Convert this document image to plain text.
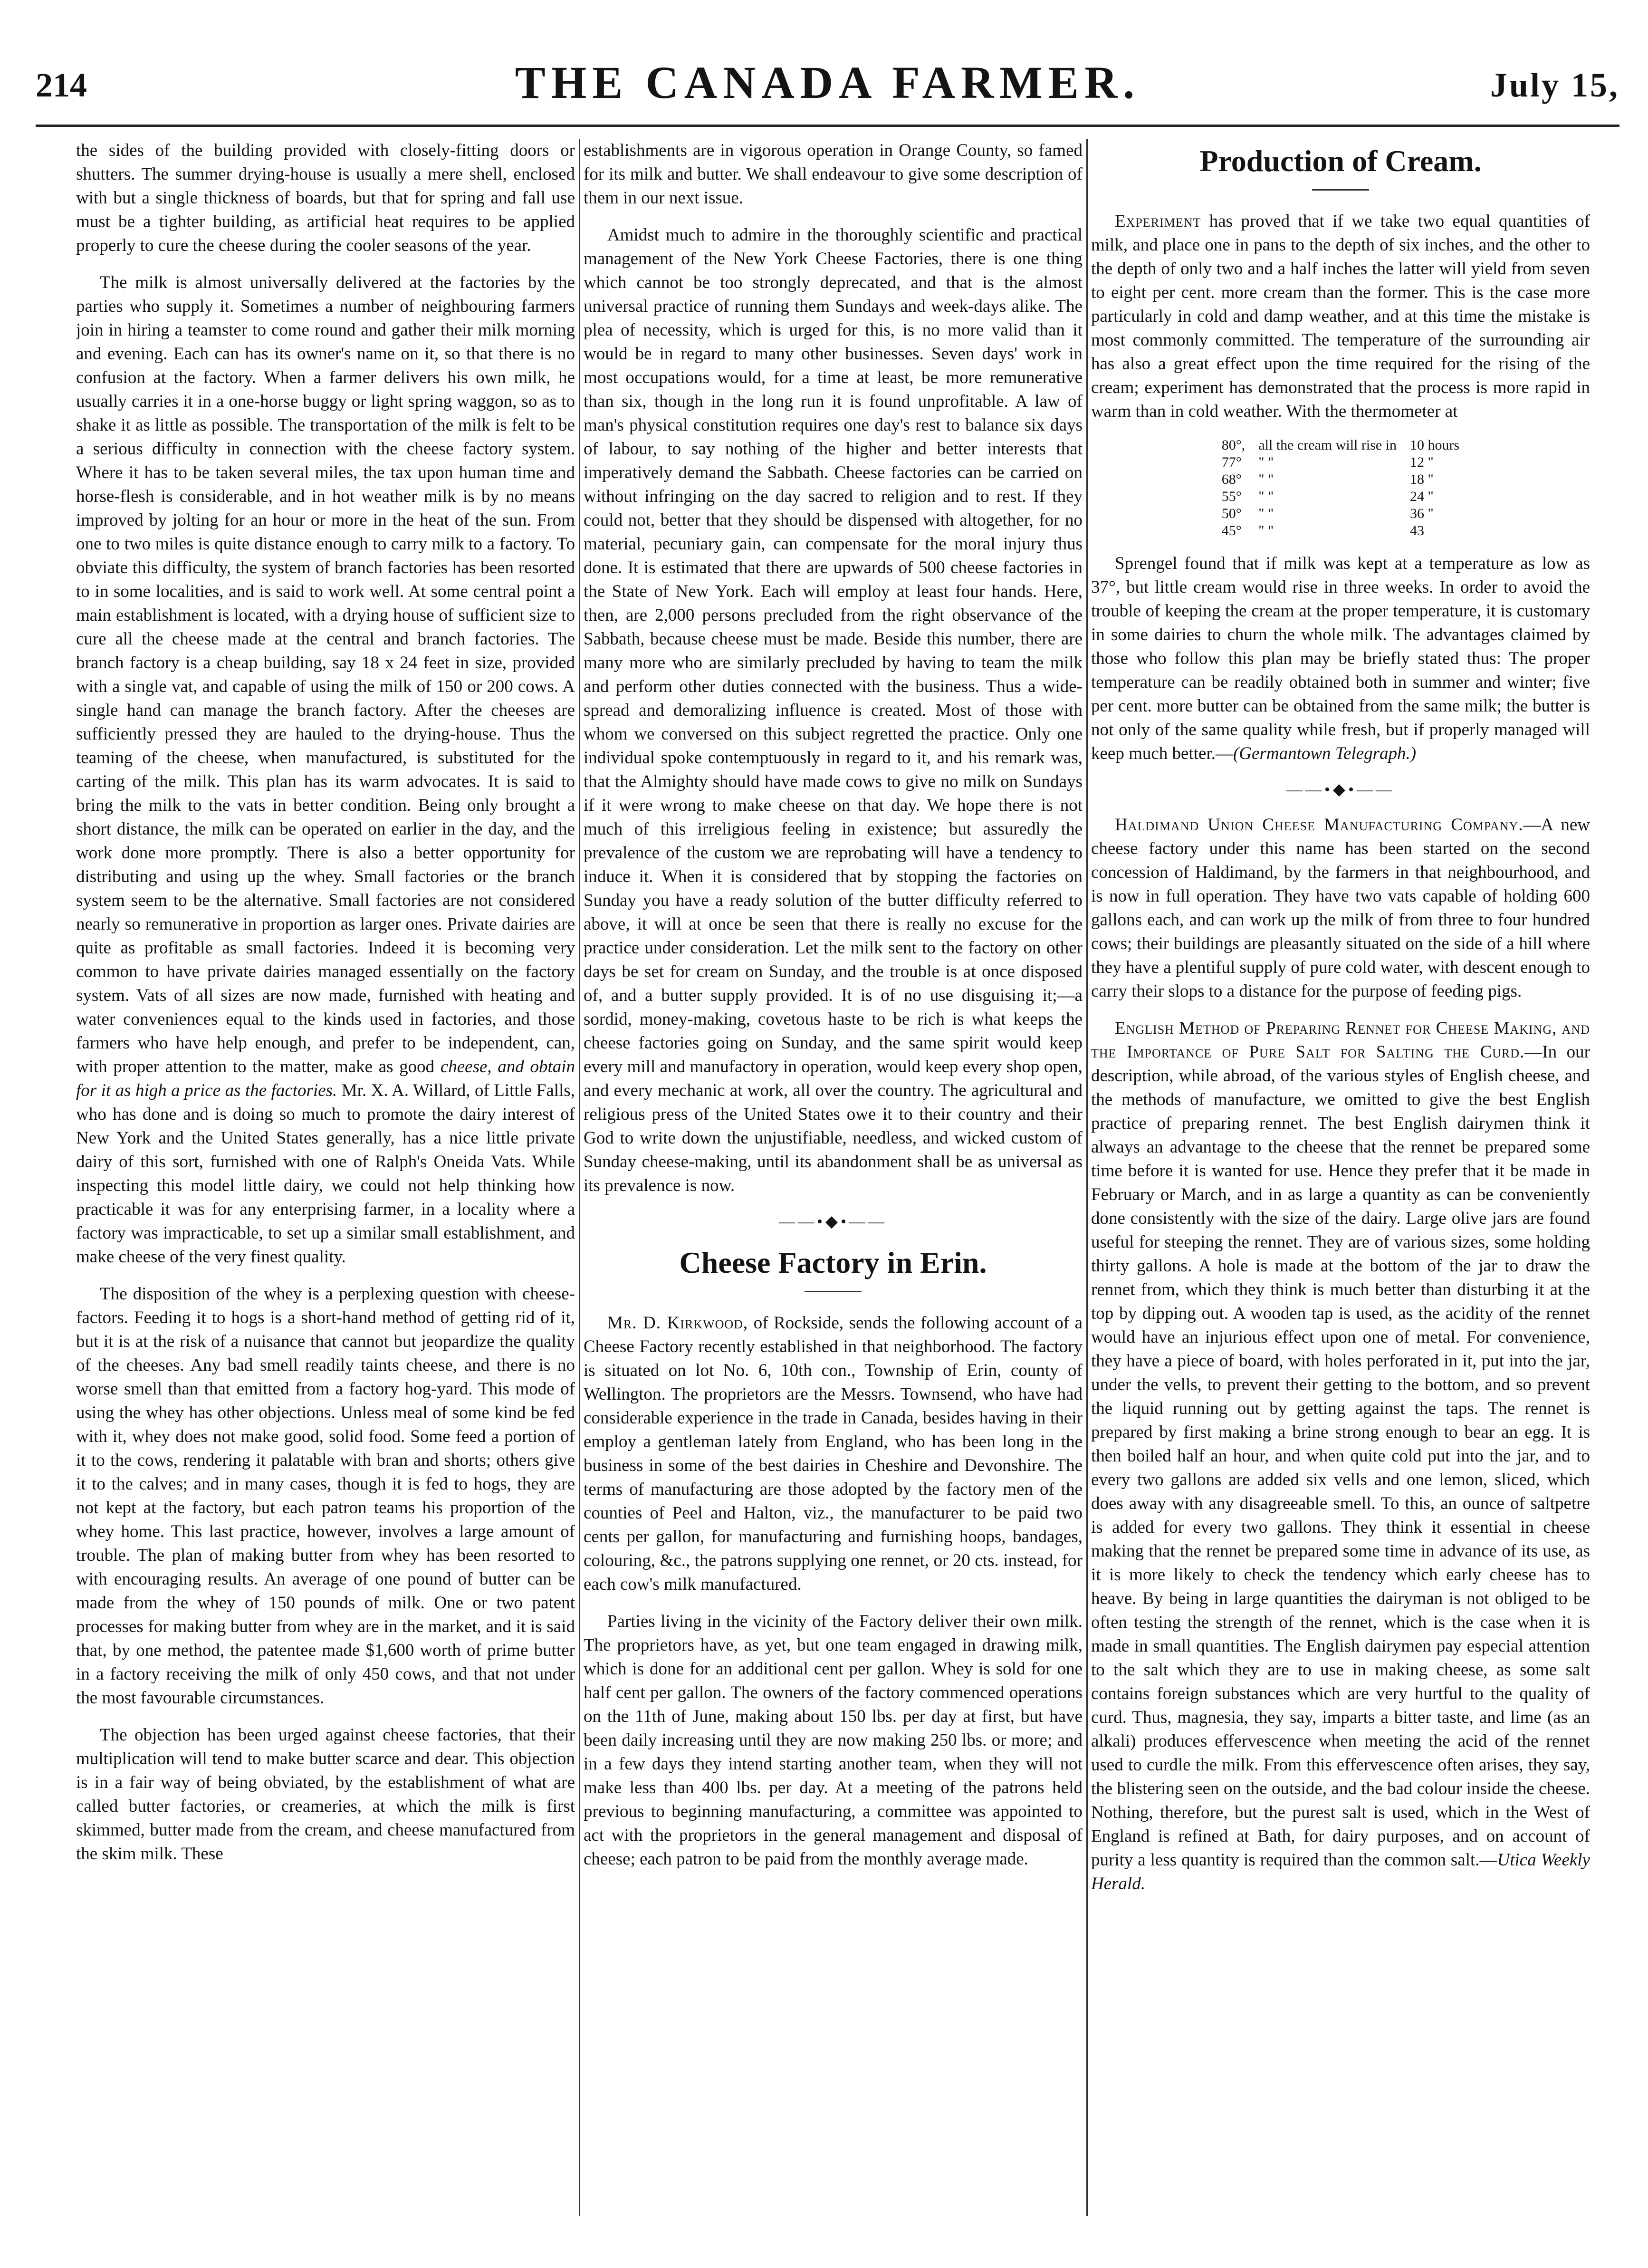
214	THE CANADA FARMER.	July 15,

the sides of the building provided with closely-fitting doors or shutters. The summer drying-house is usually a mere shell, enclosed with but a single thickness of boards, but that for spring and fall use must be a tighter building, as artificial heat requires to be applied properly to cure the cheese during the cooler seasons of the year.

The milk is almost universally delivered at the factories by the parties who supply it. Sometimes a number of neighbouring farmers join in hiring a teamster to come round and gather their milk morning and evening. Each can has its owner's name on it, so that there is no confusion at the factory. When a farmer delivers his own milk, he usually carries it in a one-horse buggy or light spring waggon, so as to shake it as little as possible. The transportation of the milk is felt to be a serious difficulty in connection with the cheese factory system. Where it has to be taken several miles, the tax upon human time and horse-flesh is considerable, and in hot weather milk is by no means improved by jolting for an hour or more in the heat of the sun. From one to two miles is quite distance enough to carry milk to a factory. To obviate this difficulty, the system of branch factories has been resorted to in some localities, and is said to work well. At some central point a main establishment is located, with a drying house of sufficient size to cure all the cheese made at the central and branch factories. The branch factory is a cheap building, say 18 x 24 feet in size, provided with a single vat, and capable of using the milk of 150 or 200 cows. A single hand can manage the branch factory. After the cheeses are sufficiently pressed they are hauled to the drying-house. Thus the teaming of the cheese, when manufactured, is substituted for the carting of the milk. This plan has its warm advocates. It is said to bring the milk to the vats in better condition. Being only brought a short distance, the milk can be operated on earlier in the day, and the work done more promptly. There is also a better opportunity for distributing and using up the whey. Small factories or the branch system seem to be the alternative. Small factories are not considered nearly so remunerative in proportion as larger ones. Private dairies are quite as profitable as small factories. Indeed it is becoming very common to have private dairies managed essentially on the factory system. Vats of all sizes are now made, furnished with heating and water conveniences equal to the kinds used in factories, and those farmers who have help enough, and prefer to be independent, can, with proper attention to the matter, make as good cheese, and obtain for it as high a price as the factories. Mr. X. A. Willard, of Little Falls, who has done and is doing so much to promote the dairy interest of New York and the United States generally, has a nice little private dairy of this sort, furnished with one of Ralph's Oneida Vats. While inspecting this model little dairy, we could not help thinking how practicable it was for any enterprising farmer, in a locality where a factory was impracticable, to set up a similar small establishment, and make cheese of the very finest quality.

The disposition of the whey is a perplexing question with cheese-factors. Feeding it to hogs is a short-hand method of getting rid of it, but it is at the risk of a nuisance that cannot but jeopardize the quality of the cheeses. Any bad smell readily taints cheese, and there is no worse smell than that emitted from a factory hog-yard. This mode of using the whey has other objections. Unless meal of some kind be fed with it, whey does not make good, solid food. Some feed a portion of it to the cows, rendering it palatable with bran and shorts; others give it to the calves; and in many cases, though it is fed to hogs, they are not kept at the factory, but each patron teams his proportion of the whey home. This last practice, however, involves a large amount of trouble. The plan of making butter from whey has been resorted to with encouraging results. An average of one pound of butter can be made from the whey of 150 pounds of milk. One or two patent processes for making butter from whey are in the market, and it is said that, by one method, the patentee made $1,600 worth of prime butter in a factory receiving the milk of only 450 cows, and that not under the most favourable circumstances.

The objection has been urged against cheese factories, that their multiplication will tend to make butter scarce and dear. This objection is in a fair way of being obviated, by the establishment of what are called butter factories, or creameries, at which the milk is first skimmed, butter made from the cream, and cheese manufactured from the skim milk. These

establishments are in vigorous operation in Orange County, so famed for its milk and butter. We shall endeavour to give some description of them in our next issue.

Amidst much to admire in the thoroughly scientific and practical management of the New York Cheese Factories, there is one thing which cannot be too strongly deprecated, and that is the almost universal practice of running them Sundays and week-days alike. The plea of necessity, which is urged for this, is no more valid than it would be in regard to many other businesses. Seven days' work in most occupations would, for a time at least, be more remunerative than six, though in the long run it is found unprofitable. A law of man's physical constitution requires one day's rest to balance six days of labour, to say nothing of the higher and better interests that imperatively demand the Sabbath. Cheese factories can be carried on without infringing on the day sacred to religion and to rest. If they could not, better that they should be dispensed with altogether, for no material, pecuniary gain, can compensate for the moral injury thus done. It is estimated that there are upwards of 500 cheese factories in the State of New York. Each will employ at least four hands. Here, then, are 2,000 persons precluded from the right observance of the Sabbath, because cheese must be made. Beside this number, there are many more who are similarly precluded by having to team the milk and perform other duties connected with the business. Thus a wide-spread and demoralizing influence is created. Most of those with whom we conversed on this subject regretted the practice. Only one individual spoke contemptuously in regard to it, and his remark was, that the Almighty should have made cows to give no milk on Sundays if it were wrong to make cheese on that day. We hope there is not much of this irreligious feeling in existence; but assuredly the prevalence of the custom we are reprobating will have a tendency to induce it. When it is considered that by stopping the factories on Sunday you have a ready solution of the butter difficulty referred to above, it will at once be seen that there is really no excuse for the practice under consideration. Let the milk sent to the factory on other days be set for cream on Sunday, and the trouble is at once disposed of, and a butter supply provided. It is of no use disguising it;—a sordid, money-making, covetous haste to be rich is what keeps the cheese factories going on Sunday, and the same spirit would keep every mill and manufactory in operation, would keep every shop open, and every mechanic at work, all over the country. The agricultural and religious press of the United States owe it to their country and their God to write down the unjustifiable, needless, and wicked custom of Sunday cheese-making, until its abandonment shall be as universal as its prevalence is now.

——•◆•——
Cheese Factory in Erin.

Mr. D. Kirkwood, of Rockside, sends the following account of a Cheese Factory recently established in that neighborhood. The factory is situated on lot No. 6, 10th con., Township of Erin, county of Wellington. The proprietors are the Messrs. Townsend, who have had considerable experience in the trade in Canada, besides having in their employ a gentleman lately from England, who has been long in the business in some of the best dairies in Cheshire and Devonshire. The terms of manufacturing are those adopted by the factory men of the counties of Peel and Halton, viz., the manufacturer to be paid two cents per gallon, for manufacturing and furnishing hoops, bandages, colouring, &c., the patrons supplying one rennet, or 20 cts. instead, for each cow's milk manufactured.

Parties living in the vicinity of the Factory deliver their own milk. The proprietors have, as yet, but one team engaged in drawing milk, which is done for an additional cent per gallon. Whey is sold for one half cent per gallon. The owners of the factory commenced operations on the 11th of June, making about 150 lbs. per day at first, but have been daily increasing until they are now making 250 lbs. or more; and in a few days they intend starting another team, when they will not make less than 400 lbs. per day. At a meeting of the patrons held previous to beginning manufacturing, a committee was appointed to act with the proprietors in the general management and disposal of cheese; each patron to be paid from the monthly average made.

Production of Cream.

Experiment has proved that if we take two equal quantities of milk, and place one in pans to the depth of six inches, and the other to the depth of only two and a half inches the latter will yield from seven to eight per cent. more cream than the former. This is the case more particularly in cold and damp weather, and at this time the mistake is most commonly committed. The temperature of the surrounding air has also a great effect upon the time required for the rising of the cream; experiment has demonstrated that the process is more rapid in warm than in cold weather. With the thermometer at

80°,	all the cream will rise in	10 hours
77°	" "	12 "
68°	" "	18 "
55°	" "	24 "
50°	" "	36 "
45°	" "	43

Sprengel found that if milk was kept at a temperature as low as 37°, but little cream would rise in three weeks. In order to avoid the trouble of keeping the cream at the proper temperature, it is customary in some dairies to churn the whole milk. The advantages claimed by those who follow this plan may be briefly stated thus: The proper temperature can be readily obtained both in summer and winter; five per cent. more butter can be obtained from the same milk; the butter is not only of the same quality while fresh, but if properly managed will keep much better.—(Germantown Telegraph.)

——•◆•——

Haldimand Union Cheese Manufacturing Company.—A new cheese factory under this name has been started on the second concession of Haldimand, by the farmers in that neighbourhood, and is now in full operation. They have two vats capable of holding 600 gallons each, and can work up the milk of from three to four hundred cows; their buildings are pleasantly situated on the side of a hill where they have a plentiful supply of pure cold water, with descent enough to carry their slops to a distance for the purpose of feeding pigs.

English Method of Preparing Rennet for Cheese Making, and the Importance of Pure Salt for Salting the Curd.—In our description, while abroad, of the various styles of English cheese, and the methods of manufacture, we omitted to give the best English practice of preparing rennet. The best English dairymen think it always an advantage to the cheese that the rennet be prepared some time before it is wanted for use. Hence they prefer that it be made in February or March, and in as large a quantity as can be conveniently done consistently with the size of the dairy. Large olive jars are found useful for steeping the rennet. They are of various sizes, some holding thirty gallons. A hole is made at the bottom of the jar to draw the rennet from, which they think is much better than disturbing it at the top by dipping out. A wooden tap is used, as the acidity of the rennet would have an injurious effect upon one of metal. For convenience, they have a piece of board, with holes perforated in it, put into the jar, under the vells, to prevent their getting to the bottom, and so prevent the liquid running out by getting against the taps. The rennet is prepared by first making a brine strong enough to bear an egg. It is then boiled half an hour, and when quite cold put into the jar, and to every two gallons are added six vells and one lemon, sliced, which does away with any disagreeable smell. To this, an ounce of saltpetre is added for every two gallons. They think it essential in cheese making that the rennet be prepared some time in advance of its use, as it is more likely to check the tendency which early cheese has to heave. By being in large quantities the dairyman is not obliged to be often testing the strength of the rennet, which is the case when it is made in small quantities. The English dairymen pay especial attention to the salt which they are to use in making cheese, as some salt contains foreign substances which are very hurtful to the quality of curd. Thus, magnesia, they say, imparts a bitter taste, and lime (as an alkali) produces effervescence when meeting the acid of the rennet used to curdle the milk. From this effervescence often arises, they say, the blistering seen on the outside, and the bad colour inside the cheese. Nothing, therefore, but the purest salt is used, which in the West of England is refined at Bath, for dairy purposes, and on account of purity a less quantity is required than the common salt.—Utica Weekly Herald.
